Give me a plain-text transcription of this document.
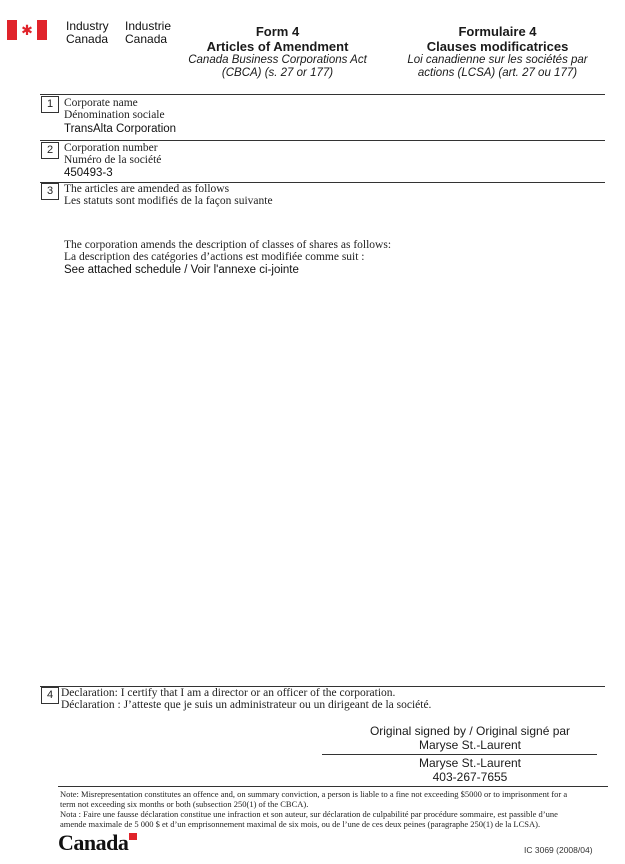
✱	Industry
Canada
Industrie
Canada	Form 4
Articles of Amendment
Canada Business Corporations Act
(CBCA) (s. 27 or 177)
Formulaire 4
Clauses modificatrices
Loi canadienne sur les sociétés par
actions (LCSA) (art. 27 ou 177)
1 Corporate name
Dénomination sociale
TransAlta Corporation
2 Corporation number
Numéro de la société
450493-3
3 The articles are amended as follows
Les statuts sont modifiés de la façon suivante
The corporation amends the description of classes of shares as follows:
La description des catégories d’actions est modifiée comme suit :
See attached schedule / Voir l'annexe ci-jointe
4 Declaration: I certify that I am a director or an officer of the corporation.
Déclaration : J’atteste que je suis un administrateur ou un dirigeant de la société.
Original signed by / Original signé par
Maryse St.-Laurent
Maryse St.-Laurent
403-267-7655
Note: Misrepresentation constitutes an offence and, on summary conviction, a person is liable to a fine not exceeding $5000 or to imprisonment for a
term not exceeding six months or both (subsection 250(1) of the CBCA).
Nota : Faire une fausse déclaration constitue une infraction et son auteur, sur déclaration de culpabilité par procédure sommaire, est passible d’une
amende maximale de 5 000 $ et d’un emprisonnement maximal de six mois, ou de l’une de ces deux peines (paragraphe 250(1) de la LCSA).
Canada	IC 3069 (2008/04)
